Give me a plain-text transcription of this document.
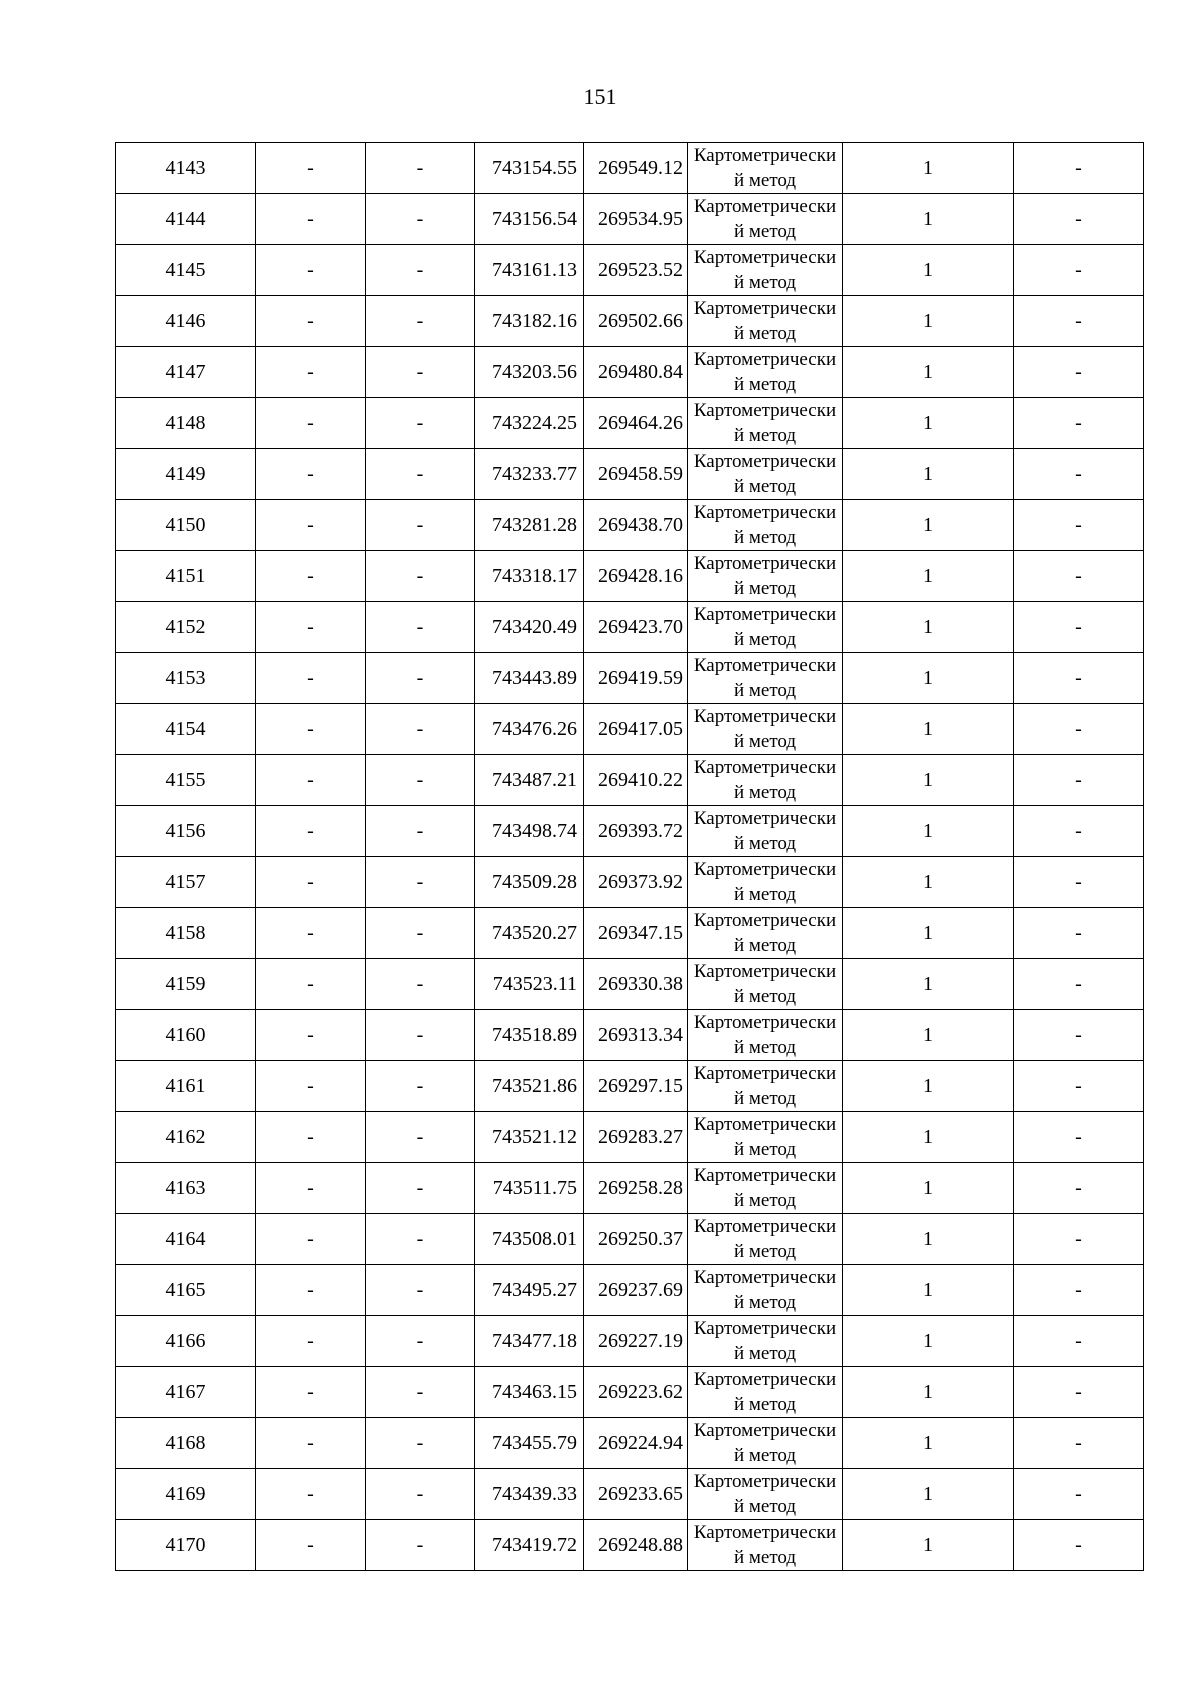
151
4143	-	-	743154.55	269549.12	Картометрический метод	1	-
4144	-	-	743156.54	269534.95	Картометрический метод	1	-
4145	-	-	743161.13	269523.52	Картометрический метод	1	-
4146	-	-	743182.16	269502.66	Картометрический метод	1	-
4147	-	-	743203.56	269480.84	Картометрический метод	1	-
4148	-	-	743224.25	269464.26	Картометрический метод	1	-
4149	-	-	743233.77	269458.59	Картометрический метод	1	-
4150	-	-	743281.28	269438.70	Картометрический метод	1	-
4151	-	-	743318.17	269428.16	Картометрический метод	1	-
4152	-	-	743420.49	269423.70	Картометрический метод	1	-
4153	-	-	743443.89	269419.59	Картометрический метод	1	-
4154	-	-	743476.26	269417.05	Картометрический метод	1	-
4155	-	-	743487.21	269410.22	Картометрический метод	1	-
4156	-	-	743498.74	269393.72	Картометрический метод	1	-
4157	-	-	743509.28	269373.92	Картометрический метод	1	-
4158	-	-	743520.27	269347.15	Картометрический метод	1	-
4159	-	-	743523.11	269330.38	Картометрический метод	1	-
4160	-	-	743518.89	269313.34	Картометрический метод	1	-
4161	-	-	743521.86	269297.15	Картометрический метод	1	-
4162	-	-	743521.12	269283.27	Картометрический метод	1	-
4163	-	-	743511.75	269258.28	Картометрический метод	1	-
4164	-	-	743508.01	269250.37	Картометрический метод	1	-
4165	-	-	743495.27	269237.69	Картометрический метод	1	-
4166	-	-	743477.18	269227.19	Картометрический метод	1	-
4167	-	-	743463.15	269223.62	Картометрический метод	1	-
4168	-	-	743455.79	269224.94	Картометрический метод	1	-
4169	-	-	743439.33	269233.65	Картометрический метод	1	-
4170	-	-	743419.72	269248.88	Картометрический метод	1	-
